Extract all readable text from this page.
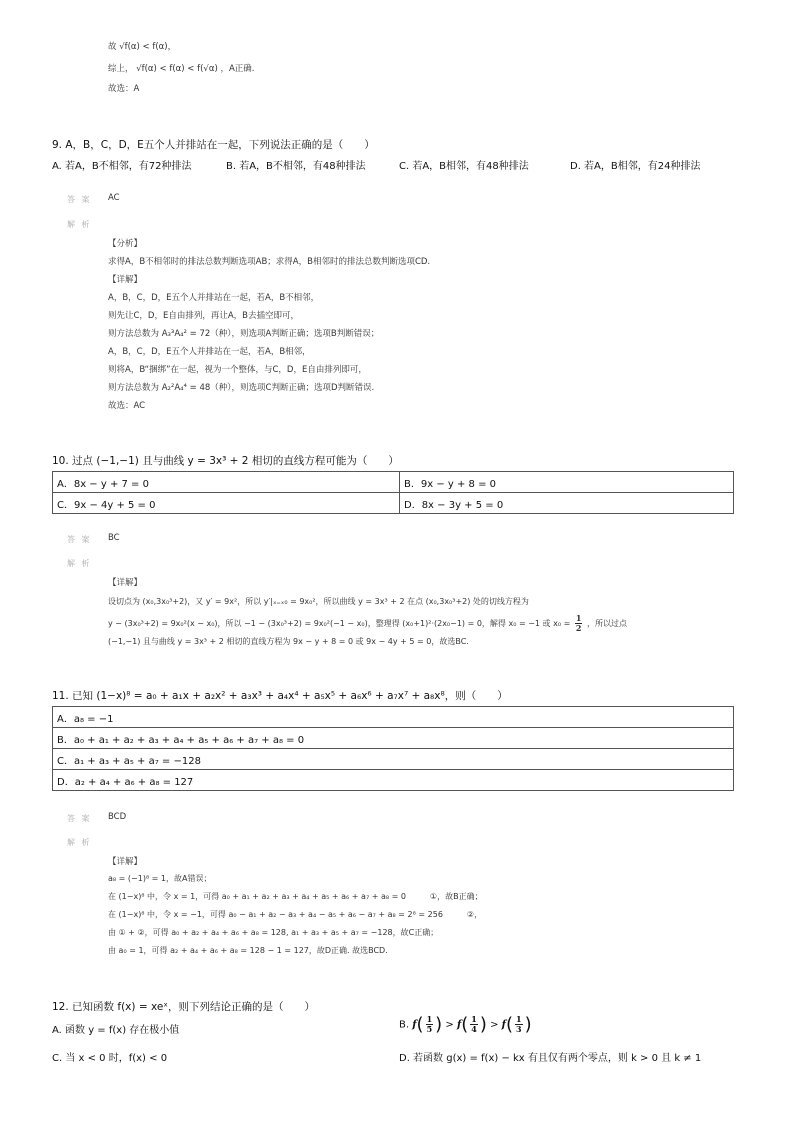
故 √f(α) < f(α)，
综上， √f(α) < f(α) < f(√α) ，A正确.
故选：A
9. A，B，C，D，E五个人并排站在一起，下列说法正确的是（　　）
A. 若A，B不相邻，有72种排法	B. 若A，B不相邻，有48种排法	C. 若A，B相邻，有48种排法	D. 若A，B相邻，有24种排法
答 案 AC
解 析
【分析】
求得A，B不相邻时的排法总数判断选项AB；求得A，B相邻时的排法总数判断选项CD.
【详解】
A，B，C，D，E五个人并排站在一起，若A，B不相邻，
则先让C，D，E自由排列，再让A，B去插空即可，
则方法总数为 A₃³A₄² = 72（种），则选项A判断正确；选项B判断错误；
A，B，C，D，E五个人并排站在一起，若A，B相邻，
则将A，B“捆绑”在一起，视为一个整体，与C，D，E自由排列即可，
则方法总数为 A₂²A₄⁴ = 48（种），则选项C判断正确；选项D判断错误.
故选：AC
10. 过点 (−1,−1) 且与曲线 y = 3x³ + 2 相切的直线方程可能为（　　）
A．8x − y + 7 = 0	B．9x − y + 8 = 0
C．9x − 4y + 5 = 0	D．8x − 3y + 5 = 0
答 案 BC
解 析
【详解】
设切点为 (x₀,3x₀³+2)，又 y′ = 9x²，所以 y′|ₓ₌ₓ₀ = 9x₀²，所以曲线 y = 3x³ + 2 在点 (x₀,3x₀³+2) 处的切线方程为
y − (3x₀³+2) = 9x₀²(x − x₀)，所以 −1 − (3x₀³+2) = 9x₀²(−1 − x₀)，整理得 (x₀+1)²·(2x₀−1) = 0，解得 x₀ = −1 或 $x_0 = \frac{1}{2}$ ，所以过点
(−1,−1) 且与曲线 y = 3x³ + 2 相切的直线方程为 9x − y + 8 = 0 或 9x − 4y + 5 = 0，故选BC.
11. 已知 (1−x)⁸ = a₀ + a₁x + a₂x² + a₃x³ + a₄x⁴ + a₅x⁵ + a₆x⁶ + a₇x⁷ + a₈x⁸，则（　　）
A．a₈ = −1
B．a₀ + a₁ + a₂ + a₃ + a₄ + a₅ + a₆ + a₇ + a₈ = 0
C．a₁ + a₃ + a₅ + a₇ = −128
D．a₂ + a₄ + a₆ + a₈ = 127
答 案 BCD
解 析
【详解】
a₈ = (−1)⁸ = 1，故A错误；
在 (1−x)⁸ 中，令 x = 1，可得 a₀ + a₁ + a₂ + a₃ + a₄ + a₅ + a₆ + a₇ + a₈ = 0　　　①，故B正确；
在 (1−x)⁸ 中，令 x = −1，可得 a₀ − a₁ + a₂ − a₃ + a₄ − a₅ + a₆ − a₇ + a₈ = 2⁸ = 256　　　②，
由 ① + ②，可得 a₀ + a₂ + a₄ + a₆ + a₈ = 128, a₁ + a₃ + a₅ + a₇ = −128，故C正确；
由 a₀ = 1，可得 a₂ + a₄ + a₆ + a₈ = 128 − 1 = 127，故D正确. 故选BCD.
12. 已知函数 f(x) = xeˣ，则下列结论正确的是（　　）
A. 函数 y = f(x) 存在极小值	B. $f( \frac{1}{5}$ ) > $f( \frac{1}{4}$ ) > $f( \frac{1}{3}$ )
C. 当 x < 0 时，f(x) < 0	D. 若函数 g(x) = f(x) − kx 有且仅有两个零点，则 k > 0 且 k ≠ 1
